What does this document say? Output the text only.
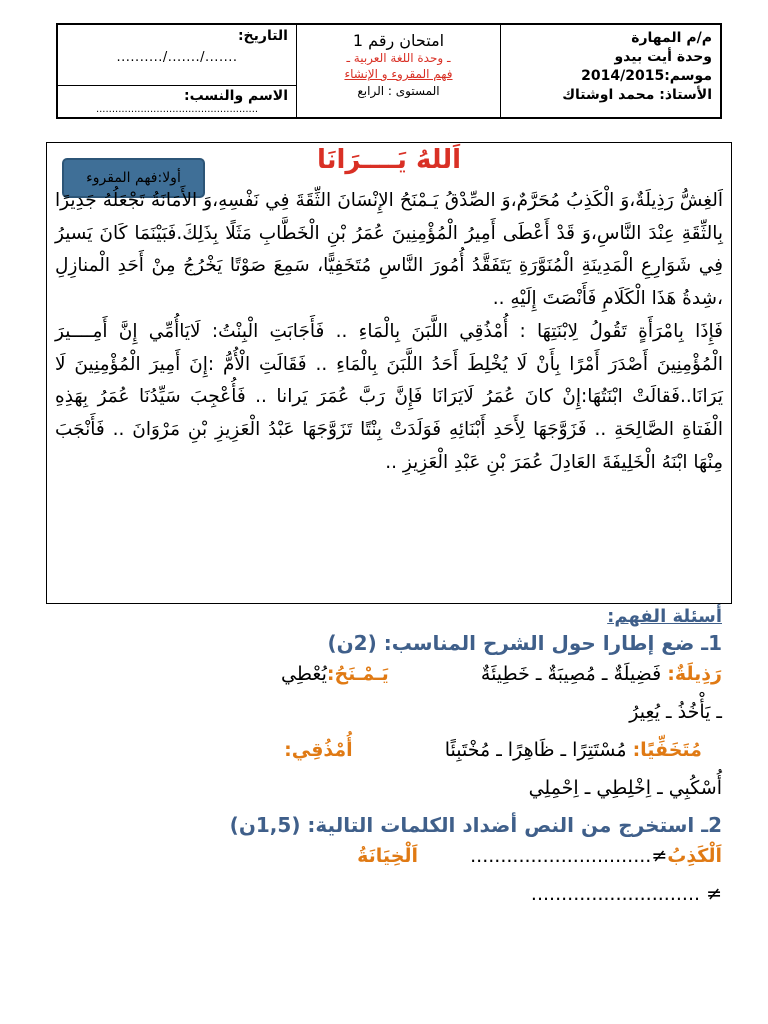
م/م المهارة
وحدة أيت بيدو
موسم:2014/2015
الأستاذ: محمد اوشتاك
امتحان رقم 1
ـ وحدة اللغة العربية ـ
فهم المقروء و الإنشاء
المستوى : الرابع
التاريخ:
......./......./..........
الاسم والنسب:
...................................................
اَللهُ يَــــرَانَا
أولا:فهم المقروء

اَلغِشُّ رَذِيلَةٌ،وَ الْكَذِبُ مُحَرَّمٌ،وَ الصِّدْقُ يَـمْنَحُ الإِنْسَانَ الثِّقَةَ فِي نَفْسِهِ،وَ الأَمَانَةُ تَجْعَلُهُ جَدِيرًا بِالثِّقَةِ عِنْدَ النَّاسِ،وَ قَدْ أَعْطَى أَمِيرُ الْمُؤْمِنِينَ عُمَرُ بْنِ الْخَطَّابِ مَثَلًا بِذَلِكَ.فَبَيْنَمَا كَانَ يَسيرُ فِي شَوَارِعِ الْمَدِينَةِ الْمُنَوَّرَةِ يَتَفَقَّدُ أُمُورَ النَّاسِ مُتَخَفِيًّا، سَمِعَ صَوْتًا يَخْرُجُ مِنْ أَحَدِ الْمنازِلِ ،شِدةُ هَذَا الْكَلَامِ فَأَنْصَتَ إِلَيْهِ ..

فَإِذَا بِامْرَأَةٍ تَقُولُ لِابْنَتِهَا : أُمْذُقِي اللَّبَنَ بِالْمَاءِ .. فَأَجَابَتِ الْبِنْتُ: لَايَاأُمِّي إِنَّ أَمِــــيرَ الْمُؤْمِنِينَ أَصْدَرَ أَمْرًا بِأَنْ لَا يُخْلِطَ أَحَدُ اللَّبَنَ بِالْمَاءِ .. فَقَالَتِ الْأُمُّ :إِنَ أَمِيرَ الْمُؤْمِنِينَ لَا يَرَانَا..فَقالَتْ ابْنَتُهَا:إِنْ كانَ عُمَرُ لَايَرَانَا فَإِنَّ رَبَّ عُمَرَ يَرانا .. فَأُعْجِبَ سَيِّدُنَا عُمَرُ بِهَذِهِ الْفَتاةِ الصَّالِحَةِ .. فَزَوَّجَهَا لِأَحَدِ أَبْنَائِهِ فَوَلَدَتْ بِنْتًا تَزَوَّجَهَا عَبْدُ الْعَزِيزِ بْنِ مَرْوَانَ .. فَأَنْجَبَ مِنْهَا ابْنَهُ الْخَلِيفَةَ العَادِلَ عُمَرَ بْنِ عَبْدِ الْعَزِيزِ ..

أسئلة الفهم:
1ـ ضع إطارا حول الشرح المناسب: (2ن)
رَذِيلَةٌ: فَضِيلَةٌ ـ مُصِيبَةٌ ـ خَطِيئَةٌ  يَـمْـنَحُ:يُعْطِي
ـ يَأْخُذُ ـ يُعِيرُ
مُتَخَفِّيًا: مُسْتَتِرًا ـ ظَاهِرًا ـ مُخْتَبِئًا  أُمْذُقِي:
أُسْكُبِي ـ اِخْلِطِي ـ اِحْمِلِي
2ـ استخرج من النص أضداد الكلمات التالية: (1,5ن)
اَلْكَذِبُ≠..............................  اَلْخِيَانَةُ
≠ ............................
